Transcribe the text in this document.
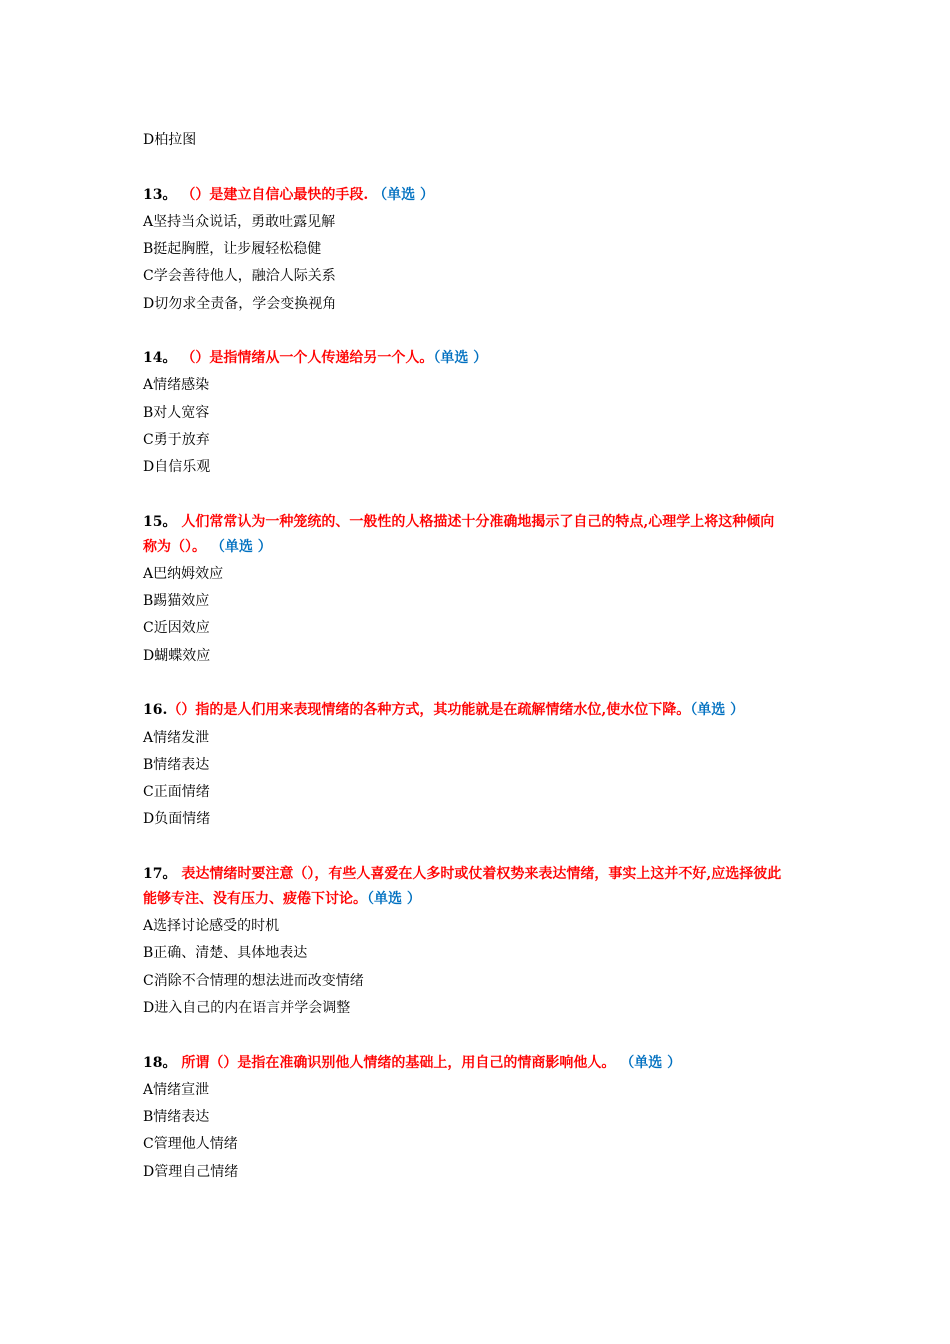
D柏拉图
13。 （）是建立自信心最快的手段. （单选 ）
A坚持当众说话，勇敢吐露见解
B挺起胸膛，让步履轻松稳健
C学会善待他人，融洽人际关系
D切勿求全责备，学会变换视角
14。 （）是指情绪从一个人传递给另一个人。（单选 ）
A情绪感染
B对人宽容
C勇于放弃
D自信乐观
15。 人们常常认为一种笼统的、一般性的人格描述十分准确地揭示了自己的特点,心理学上将这种倾向
称为（）。 （单选 ）
A巴纳姆效应
B踢猫效应
C近因效应
D蝴蝶效应
16.（）指的是人们用来表现情绪的各种方式，其功能就是在疏解情绪水位,使水位下降。（单选 ）
A情绪发泄
B情绪表达
C正面情绪
D负面情绪
17。 表达情绪时要注意（），有些人喜爱在人多时或仗着权势来表达情绪，事实上这并不好,应选择彼此
能够专注、没有压力、疲倦下讨论。（单选 ）
A选择讨论感受的时机
B正确、清楚、具体地表达
C消除不合情理的想法进而改变情绪
D进入自己的内在语言并学会调整
18。 所谓（）是指在准确识别他人情绪的基础上，用自己的情商影响他人。 （单选 ）
A情绪宣泄
B情绪表达
C管理他人情绪
D管理自己情绪
